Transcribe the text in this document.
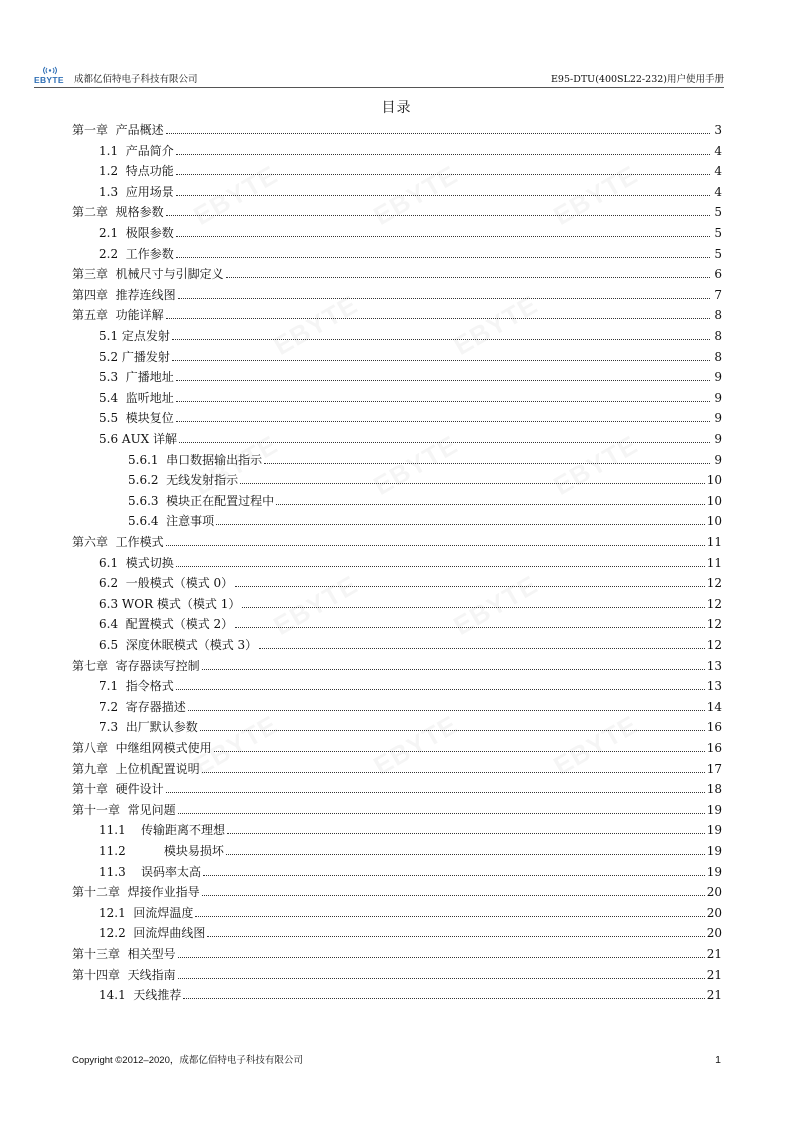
EBYTE 成都亿佰特电子科技有限公司	E95-DTU(400SL22-232)用户使用手册
目录
第一章  产品概述	3
1.1  产品简介	4
1.2  特点功能	4
1.3  应用场景	4
第二章  规格参数	5
2.1  极限参数	5
2.2  工作参数	5
第三章  机械尺寸与引脚定义	6
第四章  推荐连线图	7
第五章  功能详解	8
5.1 定点发射	8
5.2 广播发射	8
5.3  广播地址	9
5.4  监听地址	9
5.5  模块复位	9
5.6 AUX 详解	9
5.6.1  串口数据输出指示	9
5.6.2  无线发射指示	10
5.6.3  模块正在配置过程中	10
5.6.4  注意事项	10
第六章  工作模式	11
6.1  模式切换	11
6.2  一般模式（模式 0）	12
6.3 WOR 模式（模式 1）	12
6.4  配置模式（模式 2）	12
6.5  深度休眠模式（模式 3）	12
第七章  寄存器读写控制	13
7.1  指令格式	13
7.2  寄存器描述	14
7.3  出厂默认参数	16
第八章  中继组网模式使用	16
第九章  上位机配置说明	17
第十章  硬件设计	18
第十一章  常见问题	19
11.1    传输距离不理想	19
11.2          模块易损坏	19
11.3    误码率太高	19
第十二章  焊接作业指导	20
12.1  回流焊温度	20
12.2  回流焊曲线图	20
第十三章  相关型号	21
第十四章  天线指南	21
14.1  天线推荐	21
Copyright ©2012–2020，成都亿佰特电子科技有限公司	1
